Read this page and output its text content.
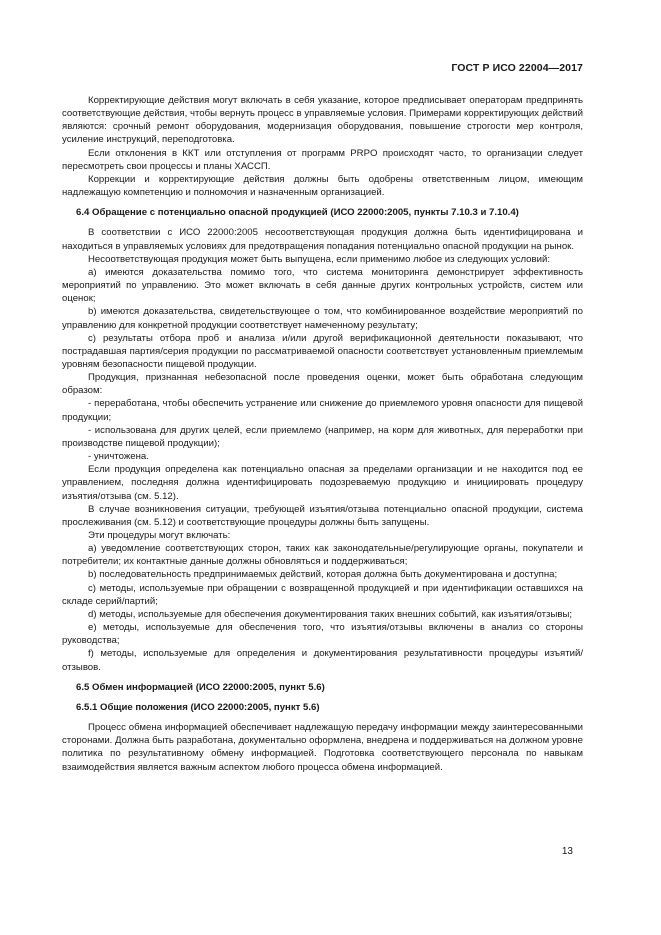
ГОСТ Р ИСО 22004—2017

Корректирующие действия могут включать в себя указание, которое предписывает операторам предпринять соответствующие действия, чтобы вернуть процесс в управляемые условия. Примерами корректирующих действий являются: срочный ремонт оборудования, модернизация оборудования, повышение строгости мер контроля, усиление инструкций, переподготовка.

Если отклонения в ККТ или отступления от программ PRPO происходят часто, то организации следует пересмотреть свои процессы и планы ХАССП.

Коррекции и корректирующие действия должны быть одобрены ответственным лицом, имеющим надлежащую компетенцию и полномочия и назначенным организацией.

6.4 Обращение с потенциально опасной продукцией (ИСО 22000:2005, пункты 7.10.3 и 7.10.4)

В соответствии с ИСО 22000:2005 несоответствующая продукция должна быть идентифицирована и находиться в управляемых условиях для предотвращения попадания потенциально опасной продукции на рынок.

Несоответствующая продукция может быть выпущена, если применимо любое из следующих условий:

a) имеются доказательства помимо того, что система мониторинга демонстрирует эффективность мероприятий по управлению. Это может включать в себя данные других контрольных устройств, систем или оценок;

b) имеются доказательства, свидетельствующее о том, что комбинированное воздействие мероприятий по управлению для конкретной продукции соответствует намеченному результату;

c) результаты отбора проб и анализа и/или другой верификационной деятельности показывают, что пострадавшая партия/серия продукции по рассматриваемой опасности соответствует установленным приемлемым уровням безопасности пищевой продукции.

Продукция, признанная небезопасной после проведения оценки, может быть обработана следующим образом:

- переработана, чтобы обеспечить устранение или снижение до приемлемого уровня опасности для пищевой продукции;

- использована для других целей, если приемлемо (например, на корм для животных, для переработки при производстве пищевой продукции);

- уничтожена.

Если продукция определена как потенциально опасная за пределами организации и не находится под ее управлением, последняя должна идентифицировать подозреваемую продукцию и инициировать процедуру изъятия/отзыва (см. 5.12).

В случае возникновения ситуации, требующей изъятия/отзыва потенциально опасной продукции, система прослеживания (см. 5.12) и соответствующие процедуры должны быть запущены.

Эти процедуры могут включать:

a) уведомление соответствующих сторон, таких как законодательные/регулирующие органы, покупатели и потребители; их контактные данные должны обновляться и поддерживаться;

b) последовательность предпринимаемых действий, которая должна быть документирована и доступна;

c) методы, используемые при обращении с возвращенной продукцией и при идентификации оставшихся на складе серий/партий;

d) методы, используемые для обеспечения документирования таких внешних событий, как изъятия/отзывы;

e) методы, используемые для обеспечения того, что изъятия/отзывы включены в анализ со стороны руководства;

f) методы, используемые для определения и документирования результативности процедуры изъятий/отзывов.

6.5 Обмен информацией (ИСО 22000:2005, пункт 5.6)
6.5.1 Общие положения (ИСО 22000:2005, пункт 5.6)

Процесс обмена информацией обеспечивает надлежащую передачу информации между заинтересованными сторонами. Должна быть разработана, документально оформлена, внедрена и поддерживаться на должном уровне политика по результативному обмену информацией. Подготовка соответствующего персонала по навыкам взаимодействия является важным аспектом любого процесса обмена информацией.

13
